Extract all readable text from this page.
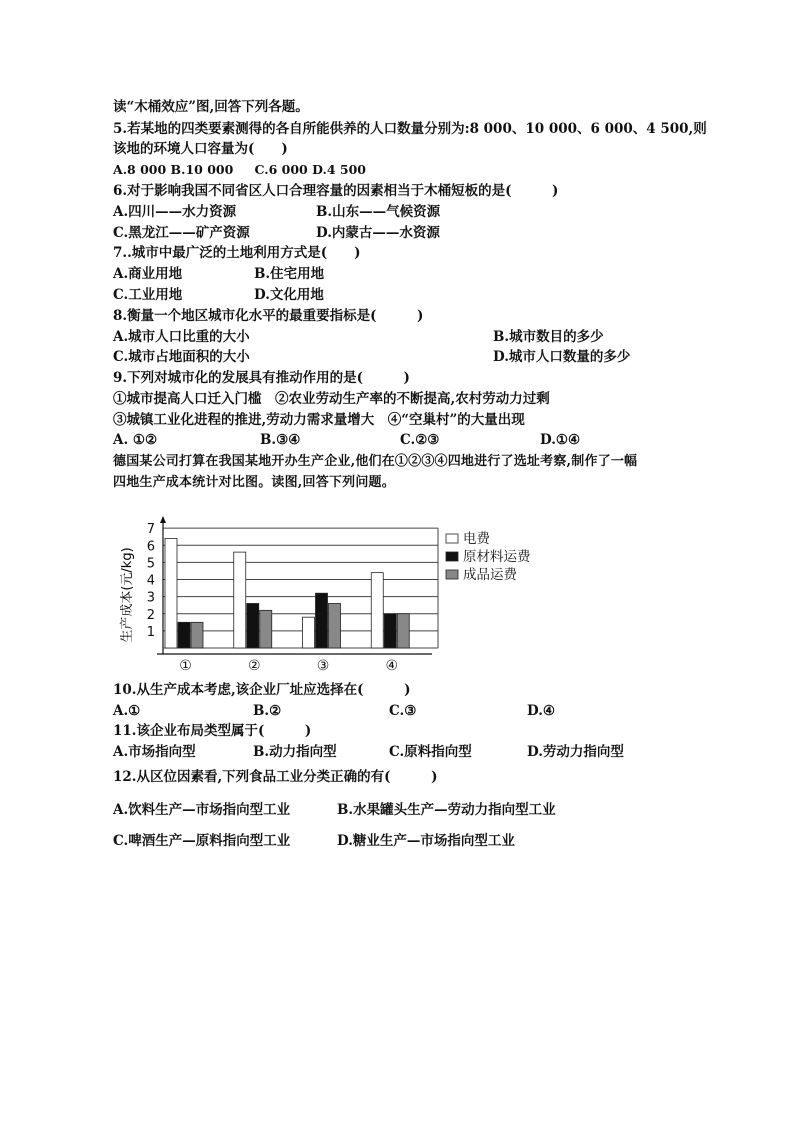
读“木桶效应”图,回答下列各题。
5.若某地的四类要素测得的各自所能供养的人口数量分别为:8 000、10 000、6 000、4 500,则
该地的环境人口容量为(　　)
A.8 000 B.10 000　  C.6 000 D.4 500
6.对于影响我国不同省区人口合理容量的因素相当于木桶短板的是(　　　)
A.四川——水力资源	B.山东——气候资源
C.黑龙江——矿产资源	D.内蒙古——水资源
7..城市中最广泛的土地利用方式是(　　)
A.商业用地	B.住宅用地
C.工业用地	D.文化用地
8.衡量一个地区城市化水平的最重要指标是(　　　)
A.城市人口比重的大小	B.城市数目的多少
C.城市占地面积的大小	D.城市人口数量的多少
9.下列对城市化的发展具有推动作用的是(　　　)
①城市提高人口迁入门槛　②农业劳动生产率的不断提高,农村劳动力过剩
③城镇工业化进程的推进,劳动力需求量增大　④“空巢村”的大量出现
A. ①②	B.③④	C.②③	D.①④
德国某公司打算在我国某地开办生产企业,他们在①②③④四地进行了选址考察,制作了一幅
四地生产成本统计对比图。读图,回答下列问题。
1
2
3
4
5
6
7
①	②	③	④
电费
原材料运费
成品运费
生产成本(元/kg)
10.从生产成本考虑,该企业厂址应选择在(　　　)
A.①	B.②	C.③	D.④
11.该企业布局类型属于(　　　)
A.市场指向型	B.动力指向型	C.原料指向型	D.劳动力指向型
12.从区位因素看,下列食品工业分类正确的有(　　　)
A.饮料生产—市场指向型工业	B.水果罐头生产—劳动力指向型工业
C.啤酒生产—原料指向型工业	D.糖业生产—市场指向型工业
